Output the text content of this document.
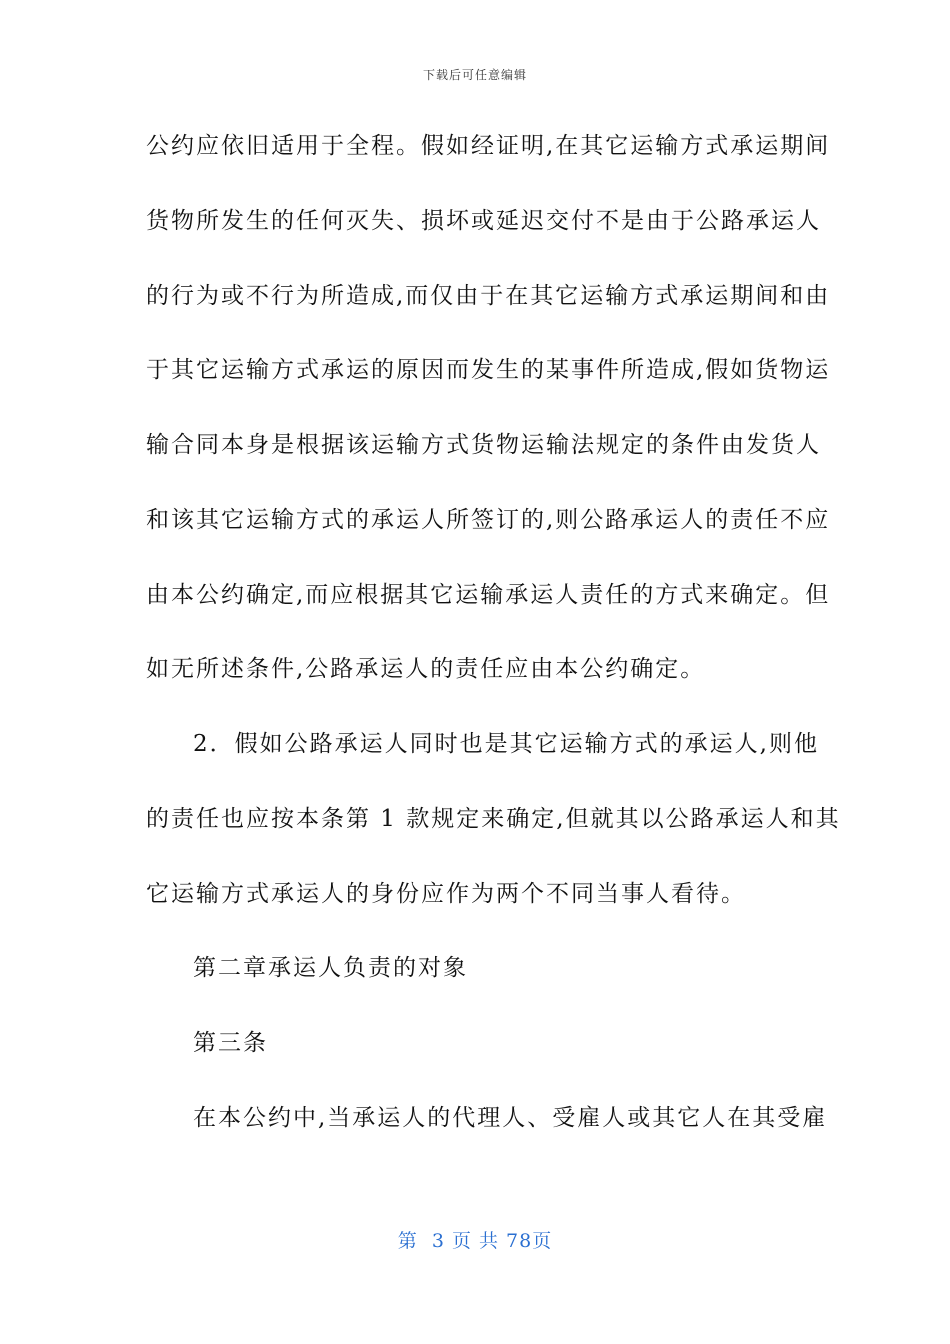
下载后可任意编辑

公约应依旧适用于全程。假如经证明,在其它运输方式承运期间

货物所发生的任何灭失、损坏或延迟交付不是由于公路承运人

的行为或不行为所造成,而仅由于在其它运输方式承运期间和由

于其它运输方式承运的原因而发生的某事件所造成,假如货物运

输合同本身是根据该运输方式货物运输法规定的条件由发货人

和该其它运输方式的承运人所签订的,则公路承运人的责任不应

由本公约确定,而应根据其它运输承运人责任的方式来确定。但

如无所述条件,公路承运人的责任应由本公约确定。

2．假如公路承运人同时也是其它运输方式的承运人,则他

的责任也应按本条第 1 款规定来确定,但就其以公路承运人和其

它运输方式承运人的身份应作为两个不同当事人看待。

第二章承运人负责的对象

第三条

在本公约中,当承运人的代理人、受雇人或其它人在其受雇

第  3 页 共 78页
